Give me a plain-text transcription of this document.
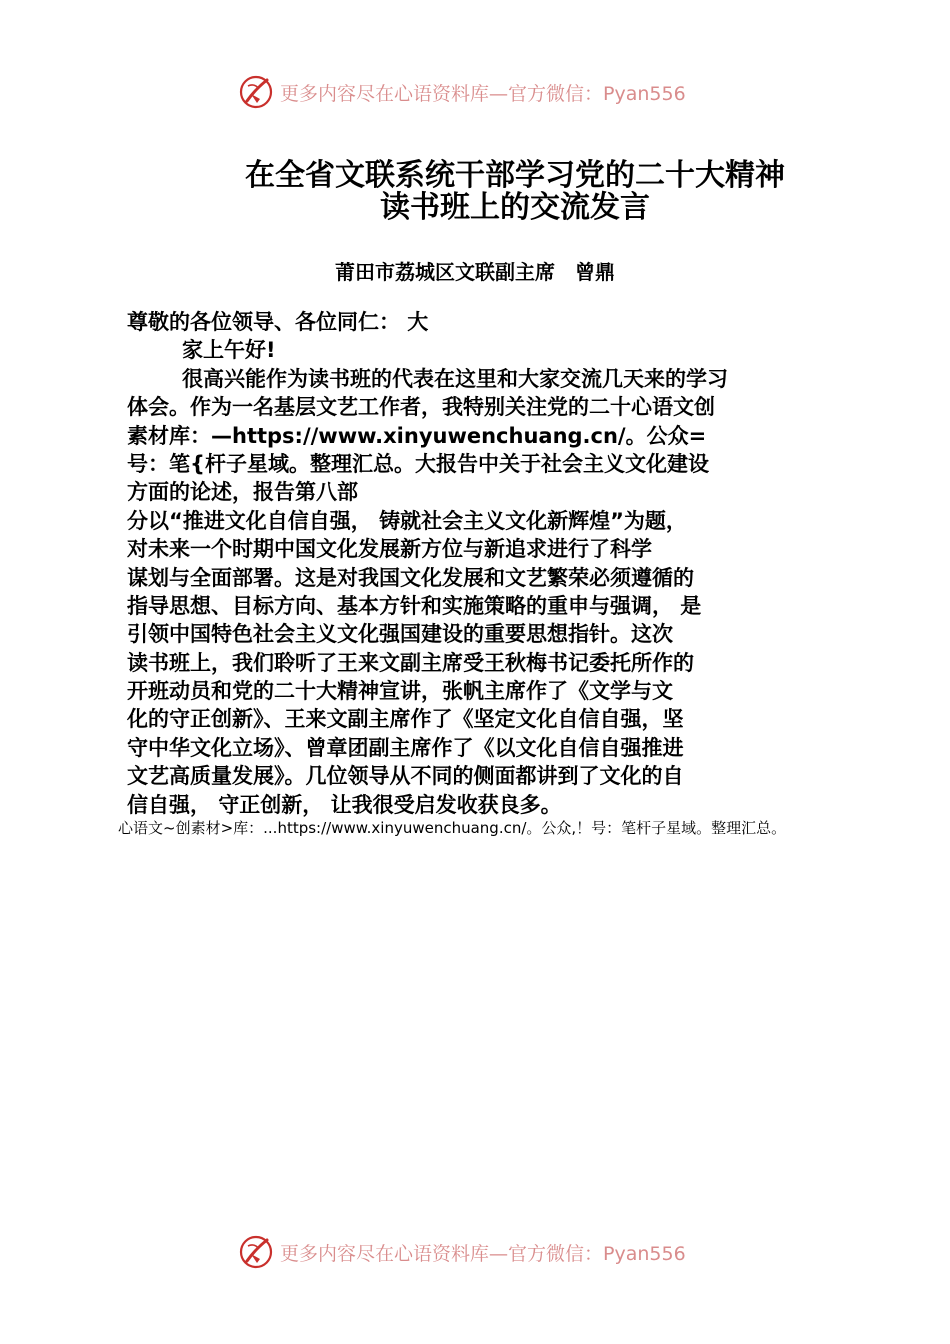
更多内容尽在心语资料库—官方微信：Pyan556
在全省文联系统干部学习党的二十大精神
读书班上的交流发言
莆田市荔城区文联副主席　曾鼎
尊敬的各位领导、各位同仁： 大
家上午好!
很高兴能作为读书班的代表在这里和大家交流几天来的学习
体会。作为一名基层文艺工作者，我特别关注党的二十心语文创
素材库：—https://www.xinyuwenchuang.cn/。公众=
号：笔{杆子星域。整理汇总。大报告中关于社会主义文化建设
方面的论述，报告第八部
分以“推进文化自信自强， 铸就社会主义文化新辉煌”为题，
对未来一个时期中国文化发展新方位与新追求进行了科学
谋划与全面部署。这是对我国文化发展和文艺繁荣必须遵循的
指导思想、目标方向、基本方针和实施策略的重申与强调， 是
引领中国特色社会主义文化强国建设的重要思想指针。这次
读书班上，我们聆听了王来文副主席受王秋梅书记委托所作的
开班动员和党的二十大精神宣讲，张帆主席作了《文学与文
化的守正创新》、王来文副主席作了《坚定文化自信自强，坚
守中华文化立场》、曾章团副主席作了《以文化自信自强推进
文艺高质量发展》。几位领导从不同的侧面都讲到了文化的自
信自强， 守正创新， 让我很受启发收获良多。
心语文~创素材>库：...https://www.xinyuwenchuang.cn/。公众,！号：笔杆子星域。整理汇总。
更多内容尽在心语资料库—官方微信：Pyan556
